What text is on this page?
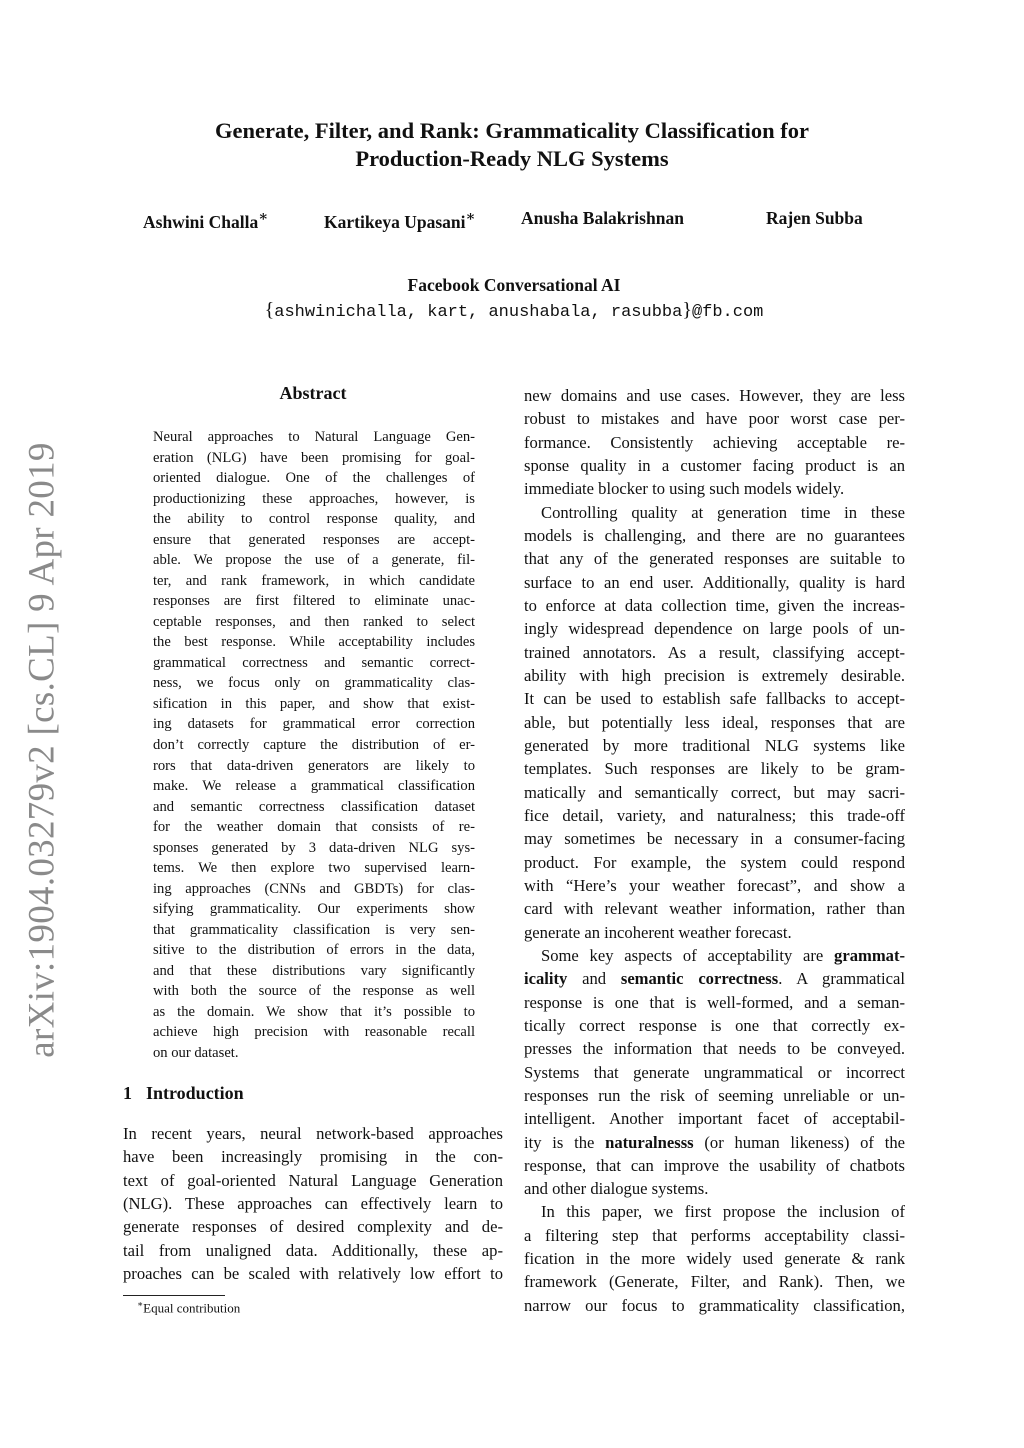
arXiv:1904.03279v2 [cs.CL] 9 Apr 2019
Generate, Filter, and Rank: Grammaticality Classification for
Production-Ready NLG Systems
Ashwini Challa∗	Kartikeya Upasani∗	Anusha Balakrishnan	Rajen Subba
Facebook Conversational AI
{ashwinichalla, kart, anushabala, rasubba}@fb.com
Abstract
Neural approaches to Natural Language Gen-
eration (NLG) have been promising for goal-
oriented dialogue. One of the challenges of
productionizing these approaches, however, is
the ability to control response quality, and
ensure that generated responses are accept-
able. We propose the use of a generate, fil-
ter, and rank framework, in which candidate
responses are first filtered to eliminate unac-
ceptable responses, and then ranked to select
the best response. While acceptability includes
grammatical correctness and semantic correct-
ness, we focus only on grammaticality clas-
sification in this paper, and show that exist-
ing datasets for grammatical error correction
don’t correctly capture the distribution of er-
rors that data-driven generators are likely to
make. We release a grammatical classification
and semantic correctness classification dataset
for the weather domain that consists of re-
sponses generated by 3 data-driven NLG sys-
tems. We then explore two supervised learn-
ing approaches (CNNs and GBDTs) for clas-
sifying grammaticality. Our experiments show
that grammaticality classification is very sen-
sitive to the distribution of errors in the data,
and that these distributions vary significantly
with both the source of the response as well
as the domain. We show that it’s possible to
achieve high precision with reasonable recall
on our dataset.
1 Introduction
In recent years, neural network-based approaches
have been increasingly promising in the con-
text of goal-oriented Natural Language Generation
(NLG). These approaches can effectively learn to
generate responses of desired complexity and de-
tail from unaligned data. Additionally, these ap-
proaches can be scaled with relatively low effort to
new domains and use cases. However, they are less
robust to mistakes and have poor worst case per-
formance. Consistently achieving acceptable re-
sponse quality in a customer facing product is an
immediate blocker to using such models widely.
Controlling quality at generation time in these
models is challenging, and there are no guarantees
that any of the generated responses are suitable to
surface to an end user. Additionally, quality is hard
to enforce at data collection time, given the increas-
ingly widespread dependence on large pools of un-
trained annotators. As a result, classifying accept-
ability with high precision is extremely desirable.
It can be used to establish safe fallbacks to accept-
able, but potentially less ideal, responses that are
generated by more traditional NLG systems like
templates. Such responses are likely to be gram-
matically and semantically correct, but may sacri-
fice detail, variety, and naturalness; this trade-off
may sometimes be necessary in a consumer-facing
product. For example, the system could respond
with “Here’s your weather forecast”, and show a
card with relevant weather information, rather than
generate an incoherent weather forecast.
Some key aspects of acceptability are grammat-
icality and semantic correctness. A grammatical
response is one that is well-formed, and a seman-
tically correct response is one that correctly ex-
presses the information that needs to be conveyed.
Systems that generate ungrammatical or incorrect
responses run the risk of seeming unreliable or un-
intelligent. Another important facet of acceptabil-
ity is the naturalnesss (or human likeness) of the
response, that can improve the usability of chatbots
and other dialogue systems.
In this paper, we first propose the inclusion of
a filtering step that performs acceptability classi-
fication in the more widely used generate & rank
framework (Generate, Filter, and Rank). Then, we
narrow our focus to grammaticality classification,
∗Equal contribution
